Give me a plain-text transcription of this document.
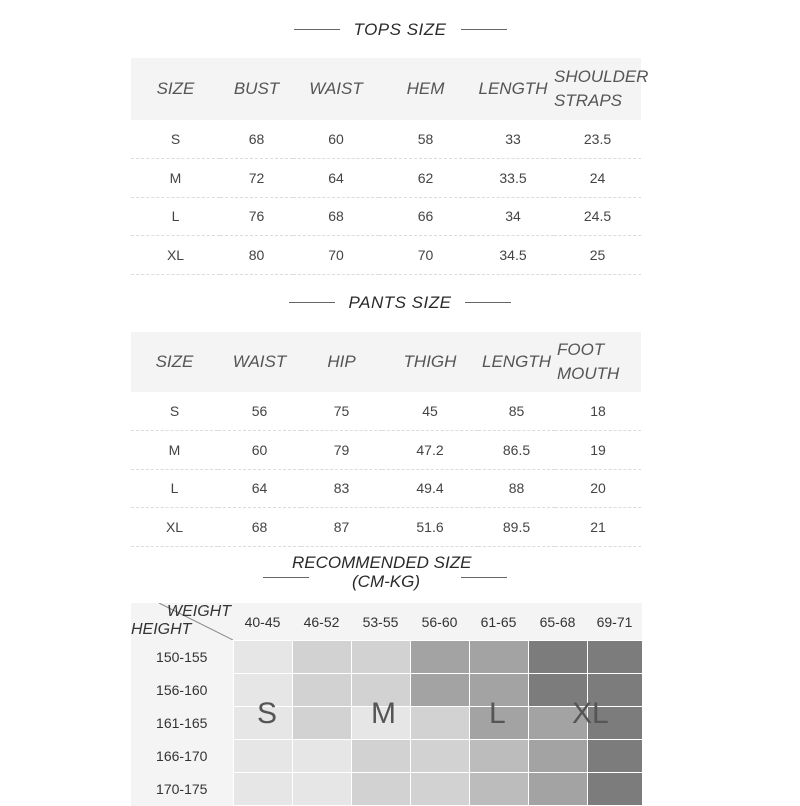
TOPS SIZE
SIZE	BUST	WAIST	HEM	LENGTH	SHOULDER STRAPS
S	68	60	58	33	23.5
M	72	64	62	33.5	24
L	76	68	66	34	24.5
XL	80	70	70	34.5	25
PANTS SIZE
SIZE	WAIST	HIP	THIGH	LENGTH	FOOT MOUTH
S	56	75	45	85	18
M	60	79	47.2	86.5	19
L	64	83	49.4	88	20
XL	68	87	51.6	89.5	21
RECOMMENDED SIZE
(CM-KG)
WEIGHT
HEIGHT	40-45	46-52	53-55	56-60	61-65	65-68	69-71
150-155							
156-160							
161-165							
166-170							
170-175							
S	M	L XL
